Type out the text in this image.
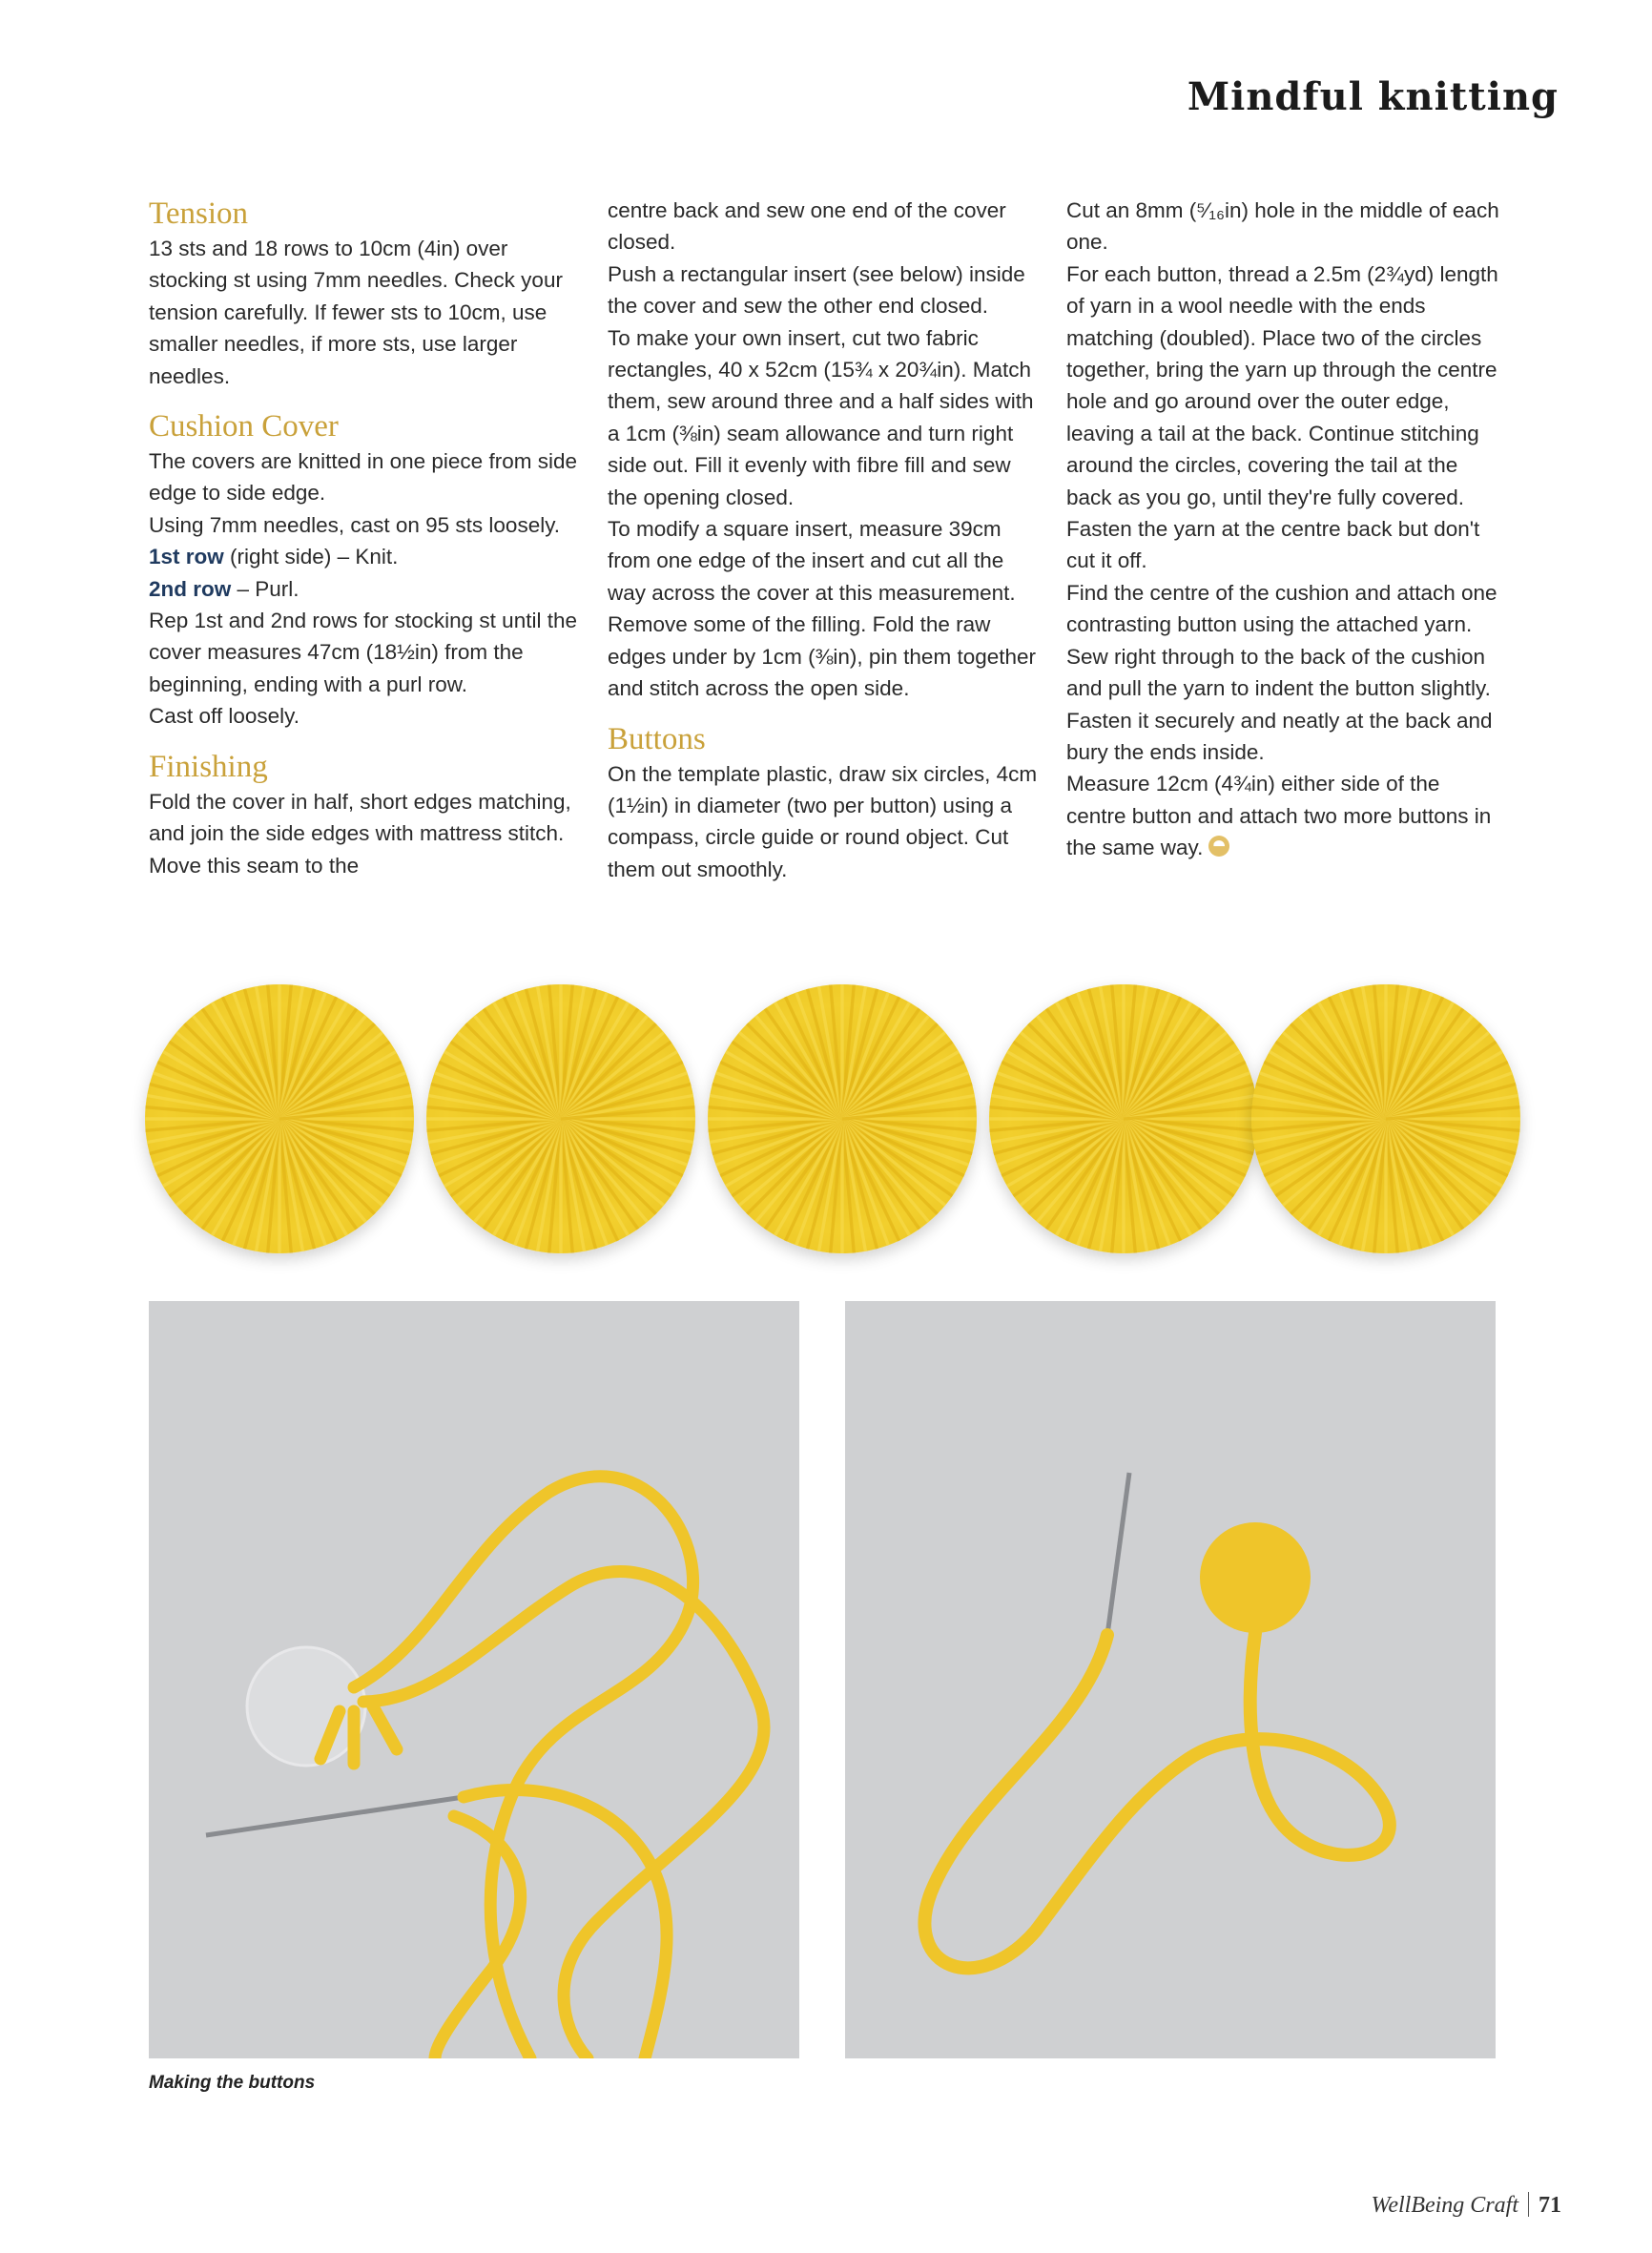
Mindful knitting
Tension

13 sts and 18 rows to 10cm (4in) over stocking st using 7mm needles. Check your tension carefully. If fewer sts to 10cm, use smaller needles, if more sts, use larger needles.

Cushion Cover

The covers are knitted in one piece from side edge to side edge.

Using 7mm needles, cast on 95 sts loosely.

1st row (right side) – Knit.

2nd row – Purl.

Rep 1st and 2nd rows for stocking st until the cover measures 47cm (18½in) from the beginning, ending with a purl row.

Cast off loosely.

Finishing

Fold the cover in half, short edges matching, and join the side edges with mattress stitch. Move this seam to the

centre back and sew one end of the cover closed.

Push a rectangular insert (see below) inside the cover and sew the other end closed.

To make your own insert, cut two fabric rectangles, 40 x 52cm (15¾ x 20¾in). Match them, sew around three and a half sides with a 1cm (⅜in) seam allowance and turn right side out. Fill it evenly with fibre fill and sew the opening closed.

To modify a square insert, measure 39cm from one edge of the insert and cut all the way across the cover at this measurement. Remove some of the filling. Fold the raw edges under by 1cm (⅜in), pin them together and stitch across the open side.

Buttons

On the template plastic, draw six circles, 4cm (1½in) in diameter (two per button) using a compass, circle guide or round object. Cut them out smoothly.

Cut an 8mm (⁵⁄₁₆in) hole in the middle of each one.

For each button, thread a 2.5m (2¾yd) length of yarn in a wool needle with the ends matching (doubled). Place two of the circles together, bring the yarn up through the centre hole and go around over the outer edge, leaving a tail at the back. Continue stitching around the circles, covering the tail at the back as you go, until they're fully covered. Fasten the yarn at the centre back but don't cut it off.

Find the centre of the cushion and attach one contrasting button using the attached yarn. Sew right through to the back of the cushion and pull the yarn to indent the button slightly. Fasten it securely and neatly at the back and bury the ends inside.

Measure 12cm (4¾in) either side of the centre button and attach two more buttons in the same way.

Making the buttons
WellBeing Craft 71
